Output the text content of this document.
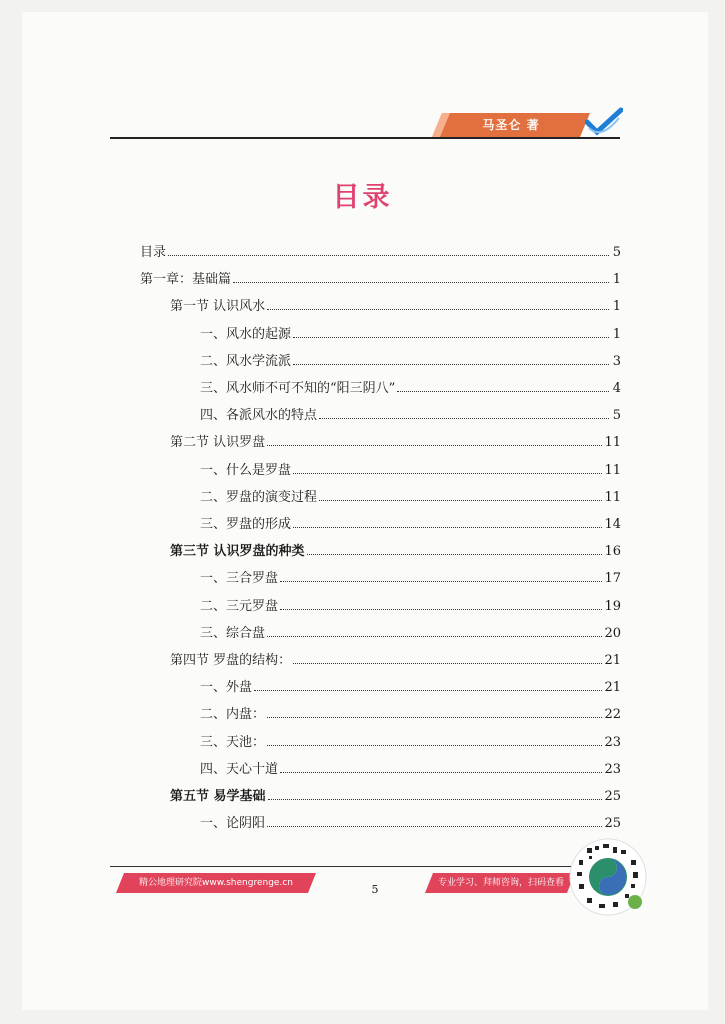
马圣仑 著
目录
精公地理研究院www.shengrenge.cn	专业学习、拜师咨询，扫码查看
5
目录	5
第一章：基础篇	1
第一节 认识风水	1
一、风水的起源	1
二、风水学流派	3
三、风水师不可不知的“阳三阴八”	4
四、各派风水的特点	5
第二节 认识罗盘	11
一、什么是罗盘	11
二、罗盘的演变过程	11
三、罗盘的形成	14
第三节 认识罗盘的种类	16
一、三合罗盘	17
二、三元罗盘	19
三、综合盘	20
第四节 罗盘的结构：	21
一、外盘	21
二、内盘：	22
三、天池：	23
四、天心十道	23
第五节 易学基础	25
一、论阴阳	25
